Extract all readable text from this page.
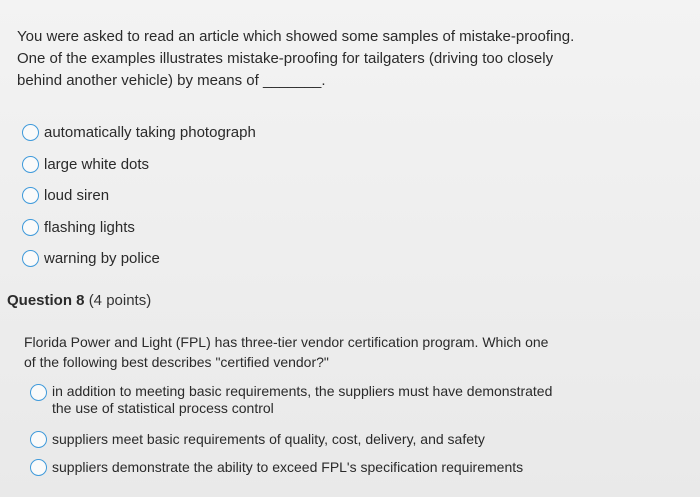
You were asked to read an article which showed some samples of mistake-proofing.
One of the examples illustrates mistake-proofing for tailgaters (driving too closely
behind another vehicle) by means of _______.
automatically taking photograph
large white dots
loud siren
flashing lights
warning by police
Question 8 (4 points)
Florida Power and Light (FPL) has three-tier vendor certification program. Which one
of the following best describes "certified vendor?"
in addition to meeting basic requirements, the suppliers must have demonstrated
the use of statistical process control
suppliers meet basic requirements of quality, cost, delivery, and safety
suppliers demonstrate the ability to exceed FPL's specification requirements
